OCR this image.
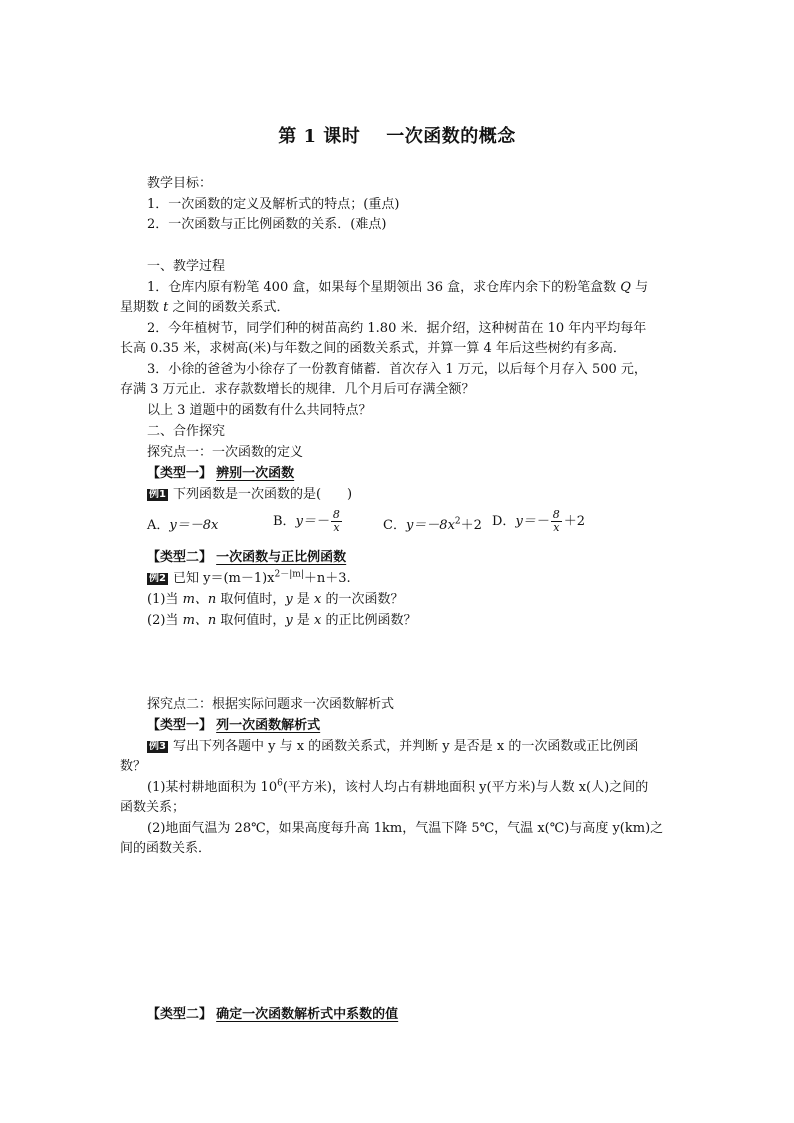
第 1 课时 一次函数的概念
教学目标：
1．一次函数的定义及解析式的特点；(重点)
2．一次函数与正比例函数的关系．(难点)
一、教学过程
1．仓库内原有粉笔 400 盒，如果每个星期领出 36 盒，求仓库内余下的粉笔盒数 Q 与
星期数 t 之间的函数关系式．
2．今年植树节，同学们种的树苗高约 1.80 米．据介绍，这种树苗在 10 年内平均每年
长高 0.35 米，求树高(米)与年数之间的函数关系式，并算一算 4 年后这些树约有多高．
3．小徐的爸爸为小徐存了一份教育储蓄．首次存入 1 万元，以后每个月存入 500 元，
存满 3 万元止．求存款数增长的规律．几个月后可存满全额？
以上 3 道题中的函数有什么共同特点？
二、合作探究
探究点一：一次函数的定义
【类型一】 辨别一次函数
例1 下列函数是一次函数的是(　　)
A．y＝－8x	B．$y=- \frac{8}{x}$	C．$y=-8x^2+2$ D．$y=- \frac{8}{x} +2$
【类型二】 一次函数与正比例函数
例2 已知 $y=(m-1)x^{2-|m|}+n+3$.
(1)当 m、n 取何值时，y 是 x 的一次函数？
(2)当 m、n 取何值时，y 是 x 的正比例函数？
探究点二：根据实际问题求一次函数解析式
【类型一】 列一次函数解析式
例3 写出下列各题中 y 与 x 的函数关系式，并判断 y 是否是 x 的一次函数或正比例函
数？
(1)某村耕地面积为 $10^6$(平方米)，该村人均占有耕地面积 y(平方米)与人数 x(人)之间的
函数关系；
(2)地面气温为 28℃，如果高度每升高 1km，气温下降 5℃，气温 x(℃)与高度 y(km)之
间的函数关系．
【类型二】 确定一次函数解析式中系数的值
